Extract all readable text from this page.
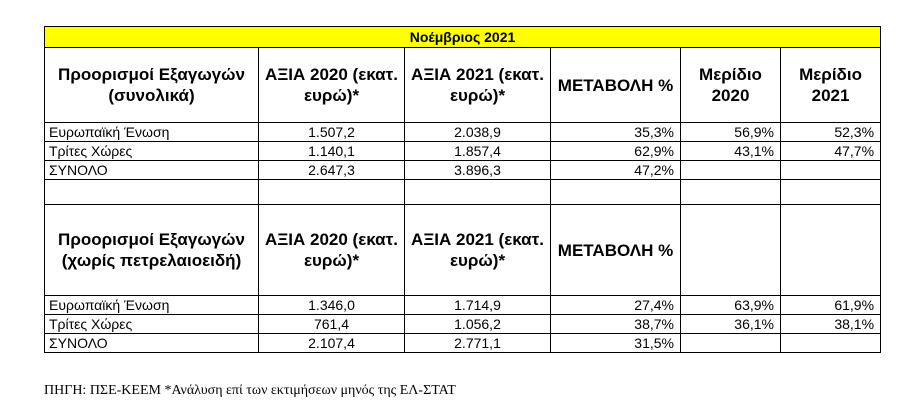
Νοέμβριος 2021					
Προορισμοί Εξαγωγών (συνολικά)	ΑΞΙΑ 2020 (εκατ. ευρώ)*	ΑΞΙΑ 2021 (εκατ. ευρώ)*	ΜΕΤΑΒΟΛΗ %	Μερίδιο 2020	Μερίδιο 2021
Ευρωπαϊκή Ένωση	1.507,2	2.038,9	35,3%	56,9%	52,3%
Τρίτες Χώρες	1.140,1	1.857,4	62,9%	43,1%	47,7%
ΣΥΝΟΛΟ	2.647,3	3.896,3	47,2%		

Προορισμοί Εξαγωγών (χωρίς πετρελαιοειδή)	ΑΞΙΑ 2020 (εκατ. ευρώ)*	ΑΞΙΑ 2021 (εκατ. ευρώ)*	ΜΕΤΑΒΟΛΗ %		
Ευρωπαϊκή Ένωση	1.346,0	1.714,9	27,4%	63,9%	61,9%
Τρίτες Χώρες	761,4	1.056,2	38,7%	36,1%	38,1%
ΣΥΝΟΛΟ	2.107,4	2.771,1	31,5%		
ΠΗΓΗ: ΠΣΕ-ΚΕΕΜ *Ανάλυση επί των εκτιμήσεων μηνός της ΕΛ-ΣΤΑΤ
